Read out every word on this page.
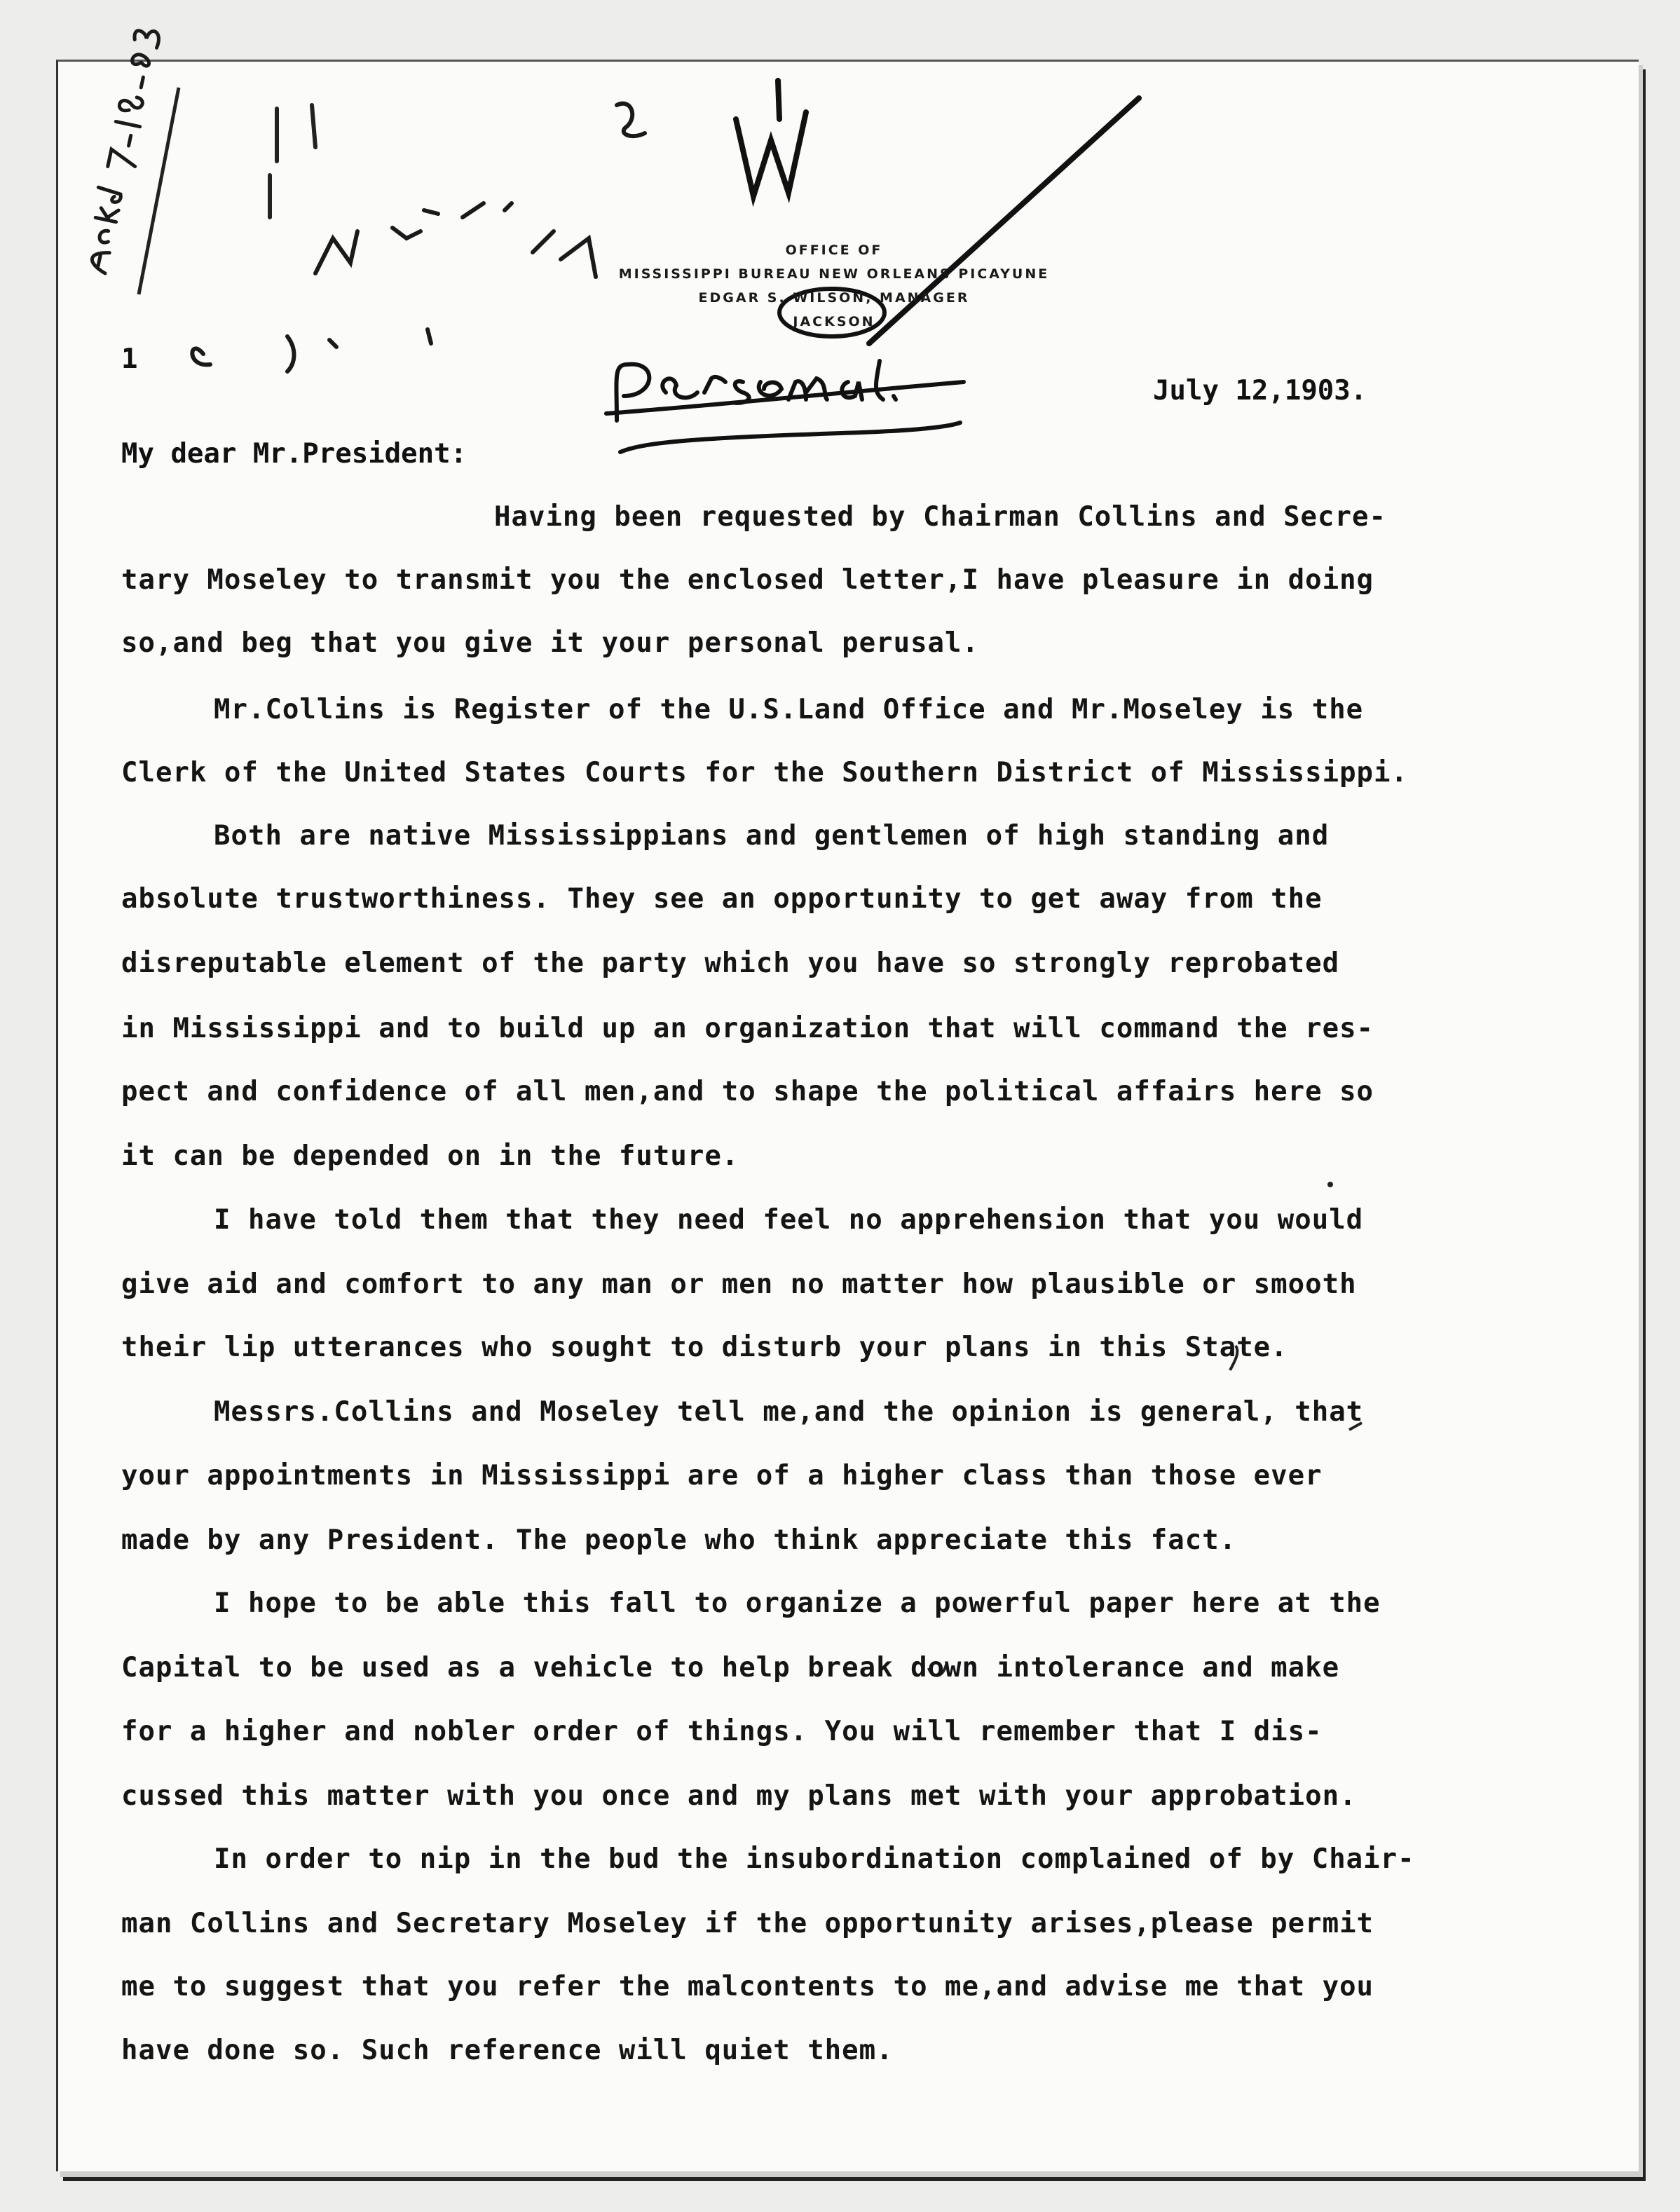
OFFICE OF
MISSISSIPPI BUREAU NEW ORLEANS PICAYUNE
EDGAR S. WILSON, MANAGER
JACKSON
1
July 12,1903.
My dear Mr.President:
Having been requested by Chairman Collins and Secre-
tary Moseley to transmit you the enclosed letter,I have pleasure in doing
so,and beg that you give it your personal perusal.
Mr.Collins is Register of the U.S.Land Office and Mr.Moseley is the
Clerk of the United States Courts for the Southern District of Mississippi.
Both are native Mississippians and gentlemen of high standing and
absolute trustworthiness. They see an opportunity to get away from the
disreputable element of the party which you have so strongly reprobated
in Mississippi and to build up an organization that will command the res-
pect and confidence of all men,and to shape the political affairs here so
it can be depended on in the future.
I have told them that they need feel no apprehension that you would
give aid and comfort to any man or men no matter how plausible or smooth
their lip utterances who sought to disturb your plans in this State.
Messrs.Collins and Moseley tell me,and the opinion is general, that
your appointments in Mississippi are of a higher class than those ever
made by any President. The people who think appreciate this fact.
I hope to be able this fall to organize a powerful paper here at the
Capital to be used as a vehicle to help break down intolerance and make
for a higher and nobler order of things. You will remember that I dis-
cussed this matter with you once and my plans met with your approbation.
In order to nip in the bud the insubordination complained of by Chair-
man Collins and Secretary Moseley if the opportunity arises,please permit
me to suggest that you refer the malcontents to me,and advise me that you
have done so. Such reference will quiet them.
